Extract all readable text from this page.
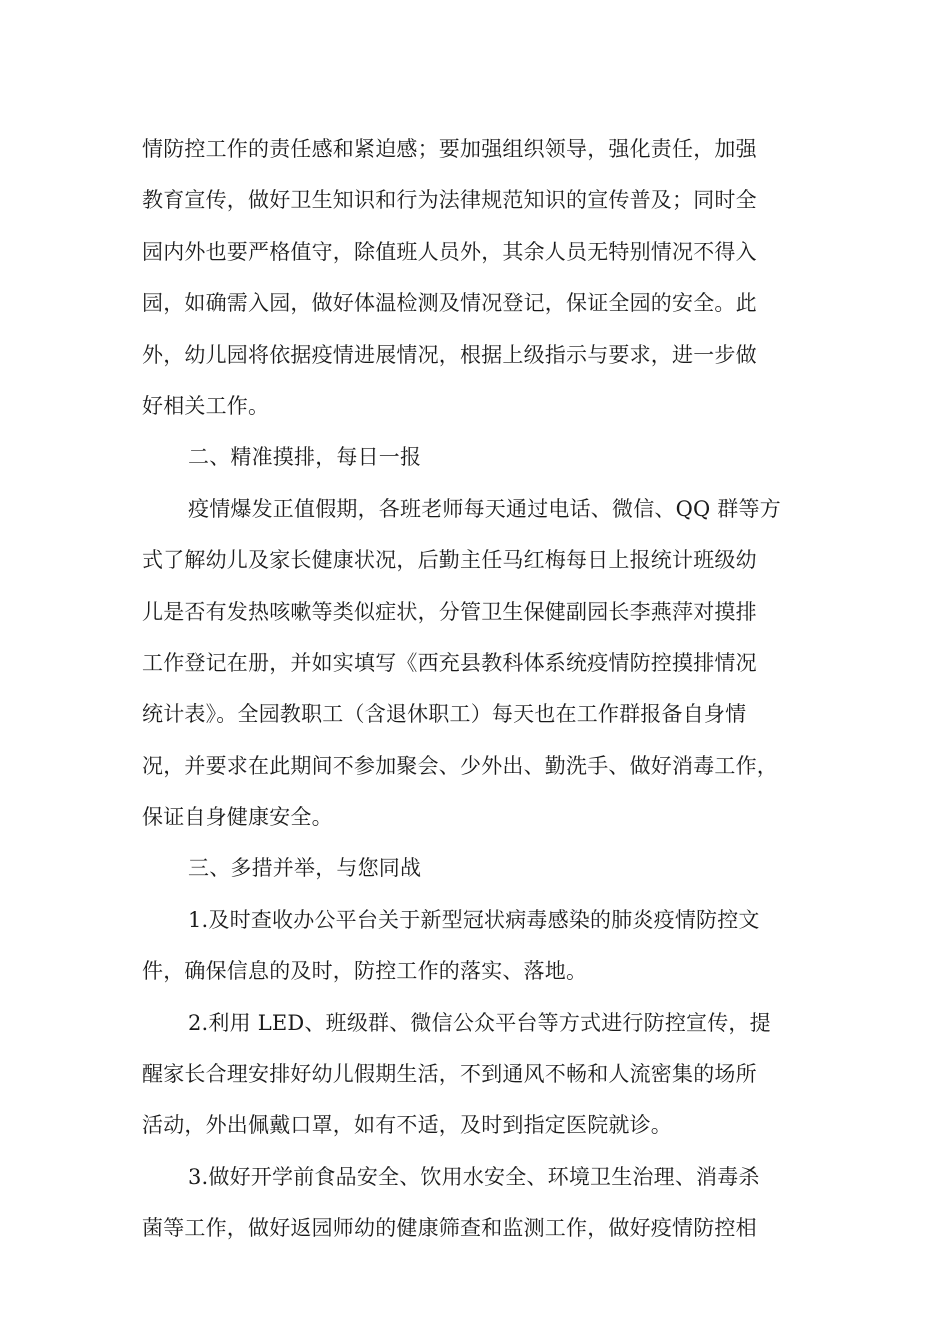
情防控工作的责任感和紧迫感；要加强组织领导，强化责任，加强
教育宣传，做好卫生知识和行为法律规范知识的宣传普及；同时全
园内外也要严格值守，除值班人员外，其余人员无特别情况不得入
园，如确需入园，做好体温检测及情况登记，保证全园的安全。此
外，幼儿园将依据疫情进展情况，根据上级指示与要求，进一步做
好相关工作。
二、精准摸排，每日一报
疫情爆发正值假期，各班老师每天通过电话、微信、QQ 群等方
式了解幼儿及家长健康状况，后勤主任马红梅每日上报统计班级幼
儿是否有发热咳嗽等类似症状，分管卫生保健副园长李燕萍对摸排
工作登记在册，并如实填写《西充县教科体系统疫情防控摸排情况
统计表》。全园教职工（含退休职工）每天也在工作群报备自身情
况，并要求在此期间不参加聚会、少外出、勤洗手、做好消毒工作，
保证自身健康安全。
三、多措并举，与您同战
1.及时查收办公平台关于新型冠状病毒感染的肺炎疫情防控文
件，确保信息的及时，防控工作的落实、落地。
2.利用 LED、班级群、微信公众平台等方式进行防控宣传，提
醒家长合理安排好幼儿假期生活，不到通风不畅和人流密集的场所
活动，外出佩戴口罩，如有不适，及时到指定医院就诊。
3.做好开学前食品安全、饮用水安全、环境卫生治理、消毒杀
菌等工作，做好返园师幼的健康筛查和监测工作，做好疫情防控相
